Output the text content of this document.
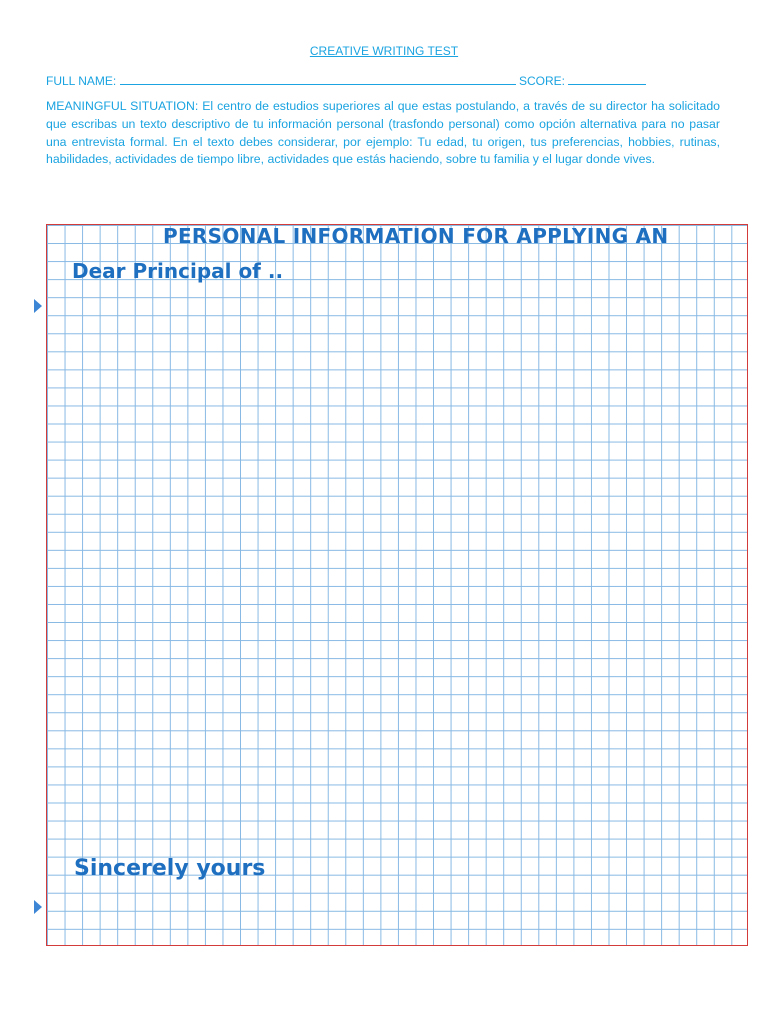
CREATIVE WRITING TEST
FULL NAME:	SCORE:
MEANINGFUL SITUATION: El centro de estudios superiores al que estas postulando, a través de su director ha solicitado que escribas un texto descriptivo de tu información personal (trasfondo personal) como opción alternativa para no pasar una entrevista formal. En el texto debes considerar, por ejemplo: Tu edad, tu origen, tus preferencias, hobbies, rutinas, habilidades, actividades de tiempo libre, actividades que estás haciendo, sobre tu familia y el lugar donde vives.
PERSONAL INFORMATION FOR APPLYING AN
Dear Principal of ..
Sincerely yours
